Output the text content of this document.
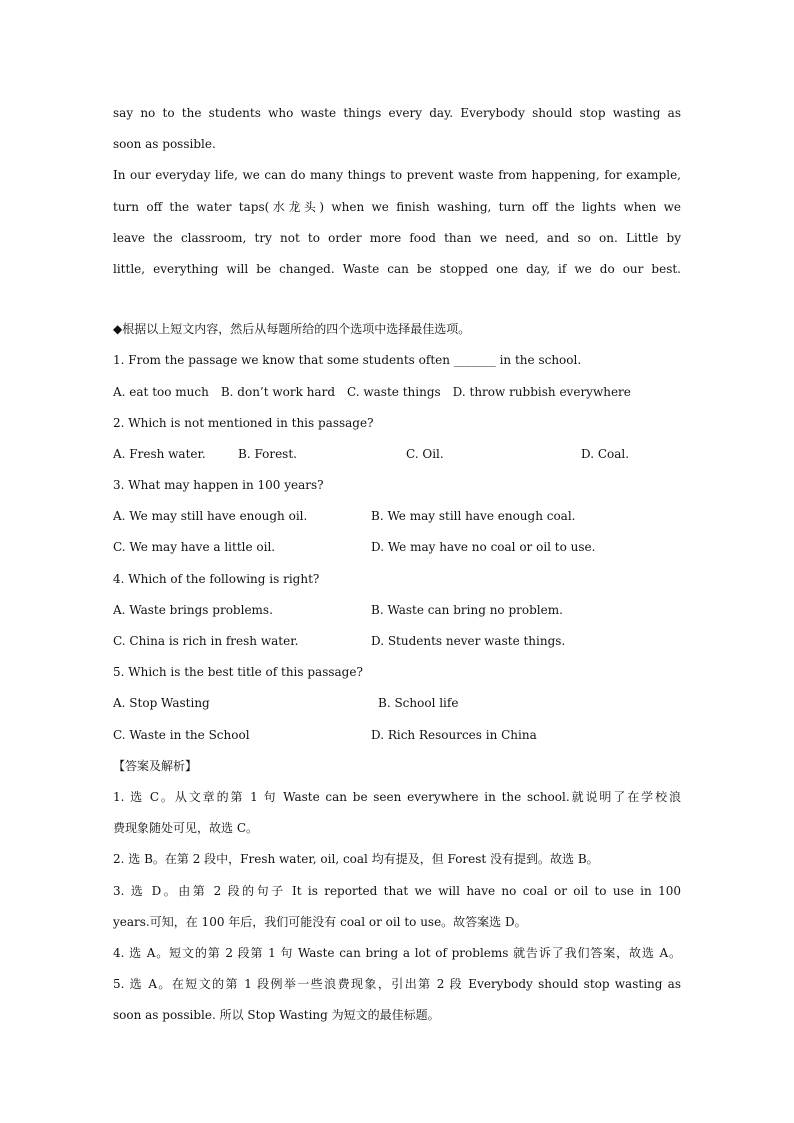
say no to the students who waste things every day. Everybody should stop wasting as
soon as possible.
In our everyday life, we can do many things to prevent waste from happening, for example,
turn off the water taps(水龙头) when we finish washing, turn off the lights when we
leave the classroom, try not to order more food than we need, and so on. Little by
little, everything will be changed. Waste can be stopped one day, if we do our best.
◆根据以上短文内容，然后从每题所给的四个选项中选择最佳选项。
1. From the passage we know that some students often _______ in the school.
A. eat too much B. don’t work hard C. waste things D. throw rubbish everywhere
2. Which is not mentioned in this passage?
A. Fresh water.	B. Forest.	C. Oil.	D. Coal.
3. What may happen in 100 years?
A. We may still have enough oil.	B. We may still have enough coal.
C. We may have a little oil.	D. We may have no coal or oil to use.
4. Which of the following is right?
A. Waste brings problems.	B. Waste can bring no problem.
C. China is rich in fresh water.	D. Students never waste things.
5. Which is the best title of this passage?
A. Stop Wasting	B. School life
C. Waste in the School	D. Rich Resources in China
【答案及解析】
1. 选 C。从文章的第 1 句 Waste can be seen everywhere in the school.就说明了在学校浪
费现象随处可见，故选 C。
2. 选 B。在第 2 段中，Fresh water, oil, coal 均有提及，但 Forest 没有提到。故选 B。
3. 选 D。由第 2 段的句子 It is reported that we will have no coal or oil to use in 100
years.可知，在 100 年后，我们可能没有 coal or oil to use。故答案选 D。
4. 选 A。短文的第 2 段第 1 句 Waste can bring a lot of problems 就告诉了我们答案，故选 A。
5. 选 A。在短文的第 1 段例举一些浪费现象，引出第 2 段 Everybody should stop wasting as
soon as possible. 所以 Stop Wasting 为短文的最佳标题。
